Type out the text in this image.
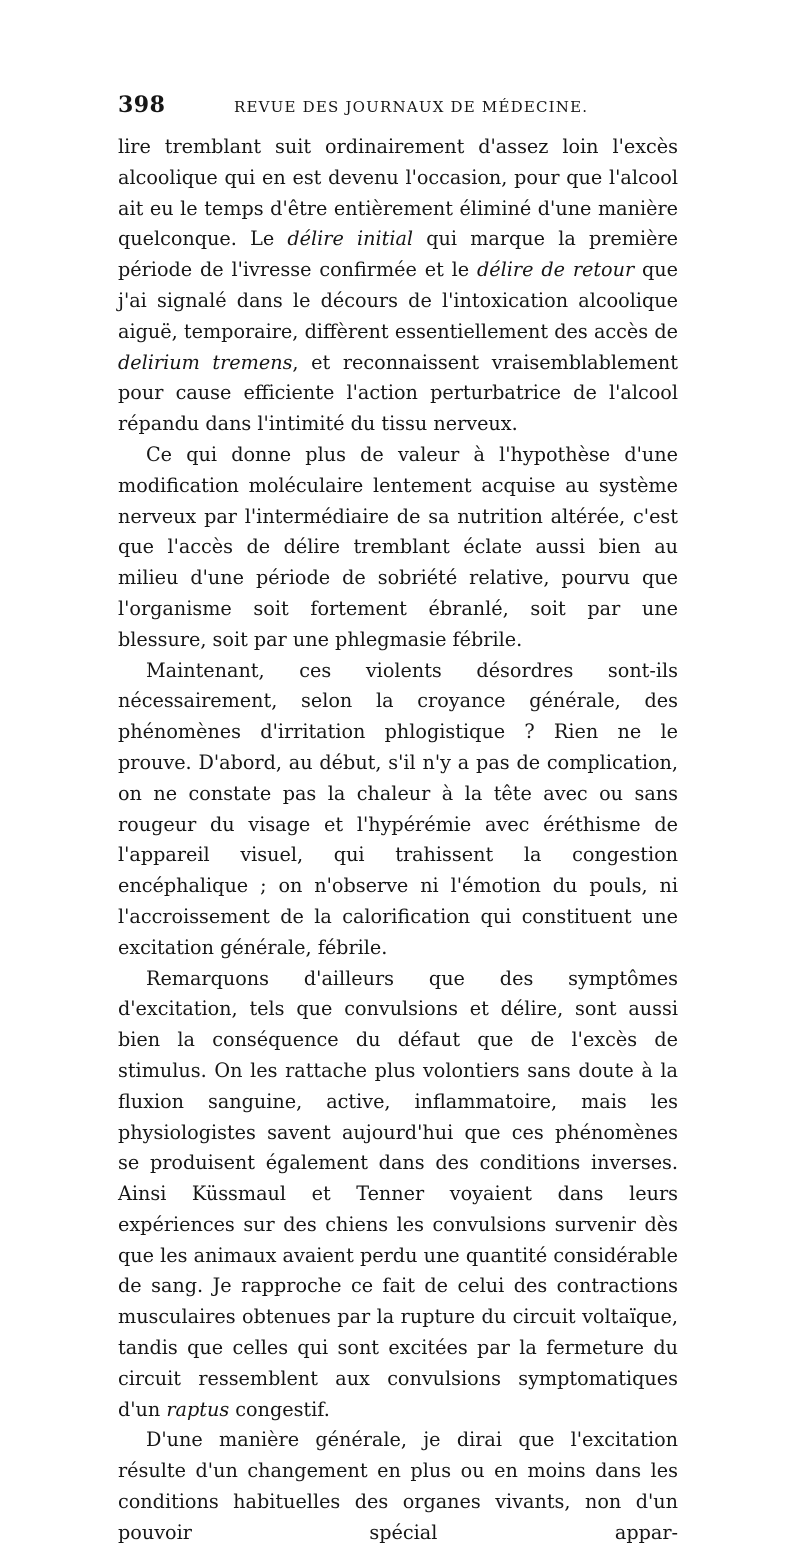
398	REVUE DES JOURNAUX DE MÉDECINE.

lire tremblant suit ordinairement d'assez loin l'excès alcoolique qui en est devenu l'occasion, pour que l'alcool ait eu le temps d'être entièrement éliminé d'une manière quelconque. Le délire initial qui marque la première période de l'ivresse confirmée et le délire de retour que j'ai signalé dans le décours de l'intoxication alcoolique aiguë, temporaire, diffèrent essentiellement des accès de delirium tremens, et reconnaissent vraisemblablement pour cause efficiente l'action perturbatrice de l'alcool répandu dans l'intimité du tissu nerveux.

Ce qui donne plus de valeur à l'hypothèse d'une modification moléculaire lentement acquise au système nerveux par l'intermédiaire de sa nutrition altérée, c'est que l'accès de délire tremblant éclate aussi bien au milieu d'une période de sobriété relative, pourvu que l'organisme soit fortement ébranlé, soit par une blessure, soit par une phlegmasie fébrile.

Maintenant, ces violents désordres sont-ils nécessairement, selon la croyance générale, des phénomènes d'irritation phlogistique ? Rien ne le prouve. D'abord, au début, s'il n'y a pas de complication, on ne constate pas la chaleur à la tête avec ou sans rougeur du visage et l'hypérémie avec éréthisme de l'appareil visuel, qui trahissent la congestion encéphalique ; on n'observe ni l'émotion du pouls, ni l'accroissement de la calorification qui constituent une excitation générale, fébrile.

Remarquons d'ailleurs que des symptômes d'excitation, tels que convulsions et délire, sont aussi bien la conséquence du défaut que de l'excès de stimulus. On les rattache plus volontiers sans doute à la fluxion sanguine, active, inflammatoire, mais les physiologistes savent aujourd'hui que ces phénomènes se produisent également dans des conditions inverses. Ainsi Küssmaul et Tenner voyaient dans leurs expériences sur des chiens les convulsions survenir dès que les animaux avaient perdu une quantité considérable de sang. Je rapproche ce fait de celui des contractions musculaires obtenues par la rupture du circuit voltaïque, tandis que celles qui sont excitées par la fermeture du circuit ressemblent aux convulsions symptomatiques d'un raptus congestif.

D'une manière générale, je dirai que l'excitation résulte d'un changement en plus ou en moins dans les conditions habituelles des organes vivants, non d'un pouvoir spécial appar-
